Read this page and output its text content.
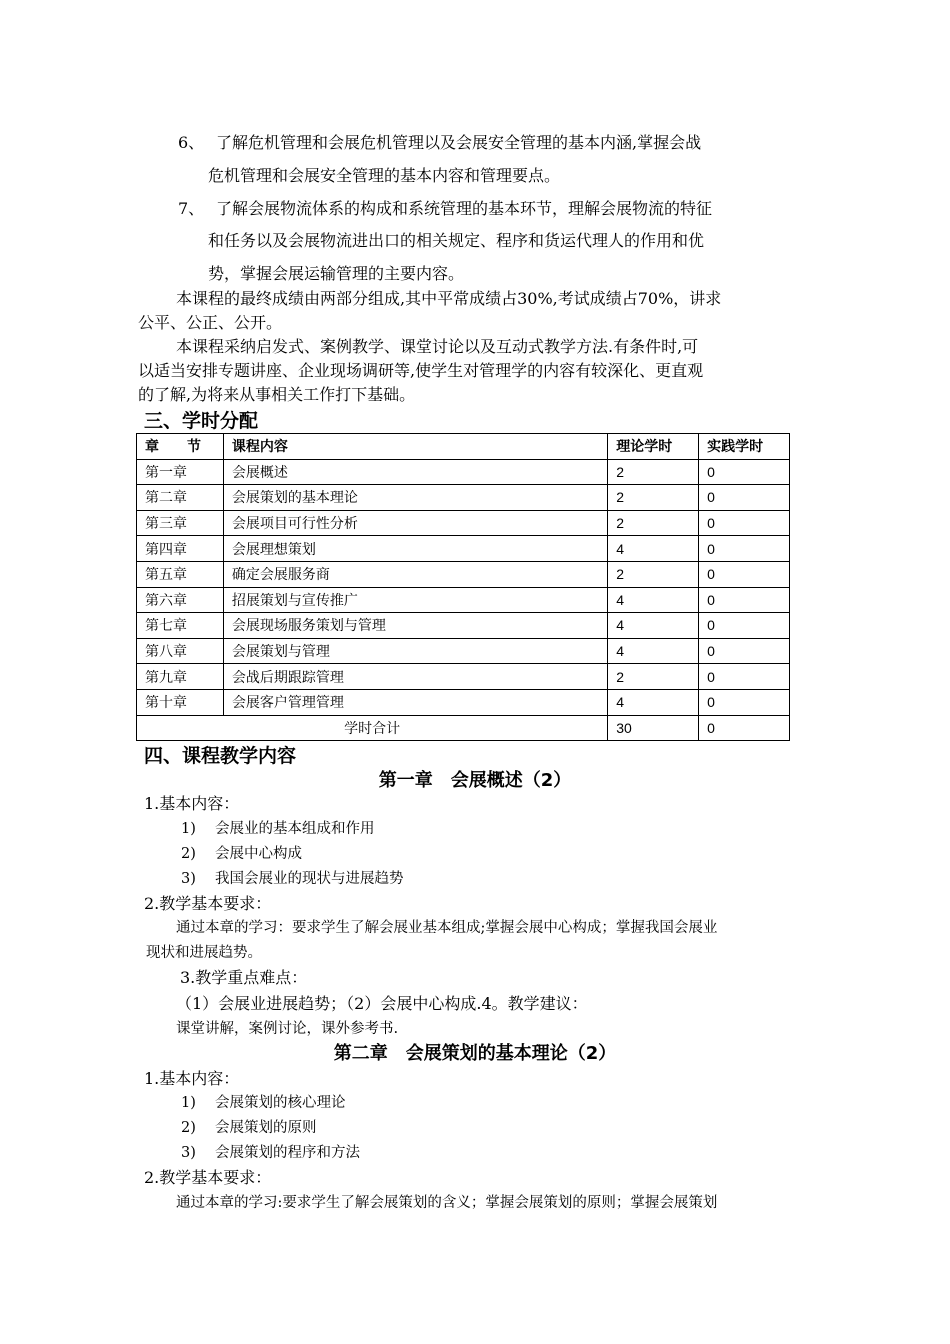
6、 了解危机管理和会展危机管理以及会展安全管理的基本内涵,掌握会战
危机管理和会展安全管理的基本内容和管理要点。
7、 了解会展物流体系的构成和系统管理的基本环节，理解会展物流的特征
和任务以及会展物流进出口的相关规定、程序和货运代理人的作用和优
势，掌握会展运输管理的主要内容。
本课程的最终成绩由两部分组成,其中平常成绩占30%,考试成绩占70%，讲求
公平、公正、公开。
本课程采纳启发式、案例教学、课堂讨论以及互动式教学方法.有条件时,可
以适当安排专题讲座、企业现场调研等,使学生对管理学的内容有较深化、更直观
的了解,为将来从事相关工作打下基础。
三、学时分配
章　　节	课程内容	理论学时	实践学时
第一章	会展概述	2	0
第二章	会展策划的基本理论	2	0
第三章	会展项目可行性分析	2	0
第四章	会展理想策划	4	0
第五章	确定会展服务商	2	0
第六章	招展策划与宣传推广	4	0
第七章	会展现场服务策划与管理	4	0
第八章	会展策划与管理	4	0
第九章	会战后期跟踪管理	2	0
第十章	会展客户管理管理	4	0
学时合计		30	0
四、课程教学内容
第一章　会展概述（2）
1.基本内容：
1) 会展业的基本组成和作用
2) 会展中心构成
3) 我国会展业的现状与进展趋势
2.教学基本要求：
通过本章的学习：要求学生了解会展业基本组成;掌握会展中心构成；掌握我国会展业
现状和进展趋势。
3.教学重点难点：
（1）会展业进展趋势；（2）会展中心构成.4。教学建议：
课堂讲解，案例讨论，课外参考书.
第二章　会展策划的基本理论（2）
1.基本内容：
1) 会展策划的核心理论
2) 会展策划的原则
3) 会展策划的程序和方法
2.教学基本要求：
通过本章的学习:要求学生了解会展策划的含义；掌握会展策划的原则；掌握会展策划
